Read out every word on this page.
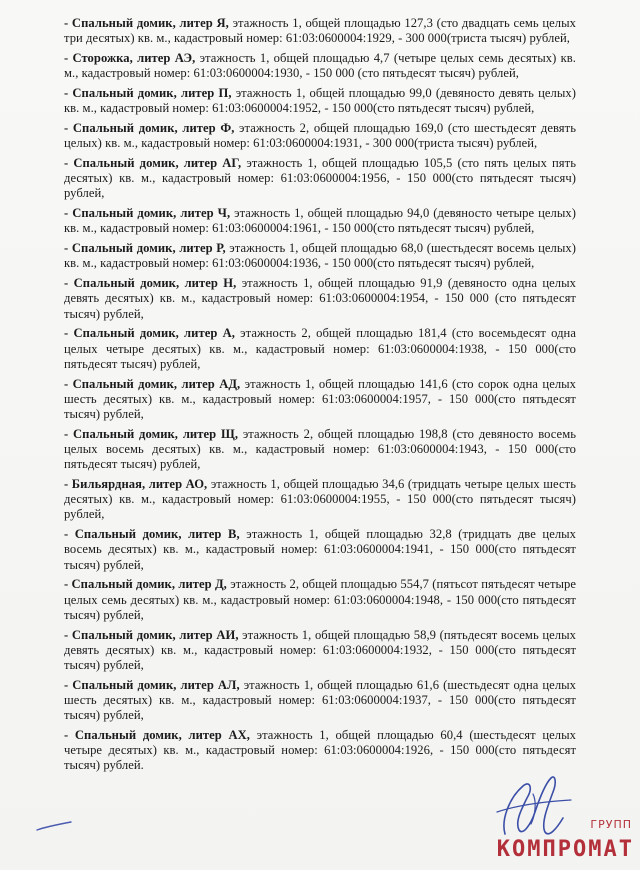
- Спальный домик, литер Я, этажность 1, общей площадью 127,3 (сто двадцать семь целых три десятых) кв. м., кадастровый номер: 61:03:0600004:1929, - 300 000(триста тысяч) рублей,

- Сторожка, литер АЭ, этажность 1, общей площадью 4,7 (четыре целых семь десятых) кв. м., кадастровый номер: 61:03:0600004:1930, - 150 000 (сто пятьдесят тысяч) рублей,

- Спальный домик, литер П, этажность 1, общей площадью 99,0 (девяносто девять целых) кв. м., кадастровый номер: 61:03:0600004:1952, - 150 000(сто пятьдесят тысяч) рублей,

- Спальный домик, литер Ф, этажность 2, общей площадью 169,0 (сто шестьдесят девять целых) кв. м., кадастровый номер: 61:03:0600004:1931, - 300 000(триста тысяч) рублей,

- Спальный домик, литер АГ, этажность 1, общей площадью 105,5 (сто пять целых пять десятых) кв. м., кадастровый номер: 61:03:0600004:1956, - 150 000(сто пятьдесят тысяч) рублей,

- Спальный домик, литер Ч, этажность 1, общей площадью 94,0 (девяносто четыре целых) кв. м., кадастровый номер: 61:03:0600004:1961, - 150 000(сто пятьдесят тысяч) рублей,

- Спальный домик, литер Р, этажность 1, общей площадью 68,0 (шестьдесят восемь целых) кв. м., кадастровый номер: 61:03:0600004:1936, - 150 000(сто пятьдесят тысяч) рублей,

- Спальный домик, литер Н, этажность 1, общей площадью 91,9 (девяносто одна целых девять десятых) кв. м., кадастровый номер: 61:03:0600004:1954, - 150 000 (сто пятьдесят тысяч) рублей,

- Спальный домик, литер А, этажность 2, общей площадью 181,4 (сто восемьдесят одна целых четыре десятых) кв. м., кадастровый номер: 61:03:0600004:1938, - 150 000(сто пятьдесят тысяч) рублей,

- Спальный домик, литер АД, этажность 1, общей площадью 141,6 (сто сорок одна целых шесть десятых) кв. м., кадастровый номер: 61:03:0600004:1957, - 150 000(сто пятьдесят тысяч) рублей,

- Спальный домик, литер Щ, этажность 2, общей площадью 198,8 (сто девяносто восемь целых восемь десятых) кв. м., кадастровый номер: 61:03:0600004:1943, - 150 000(сто пятьдесят тысяч) рублей,

- Бильярдная, литер АО, этажность 1, общей площадью 34,6 (тридцать четыре целых шесть десятых) кв. м., кадастровый номер: 61:03:0600004:1955, - 150 000(сто пятьдесят тысяч) рублей,

- Спальный домик, литер В, этажность 1, общей площадью 32,8 (тридцать две целых восемь десятых) кв. м., кадастровый номер: 61:03:0600004:1941, - 150 000(сто пятьдесят тысяч) рублей,

- Спальный домик, литер Д, этажность 2, общей площадью 554,7 (пятьсот пятьдесят четыре целых семь десятых) кв. м., кадастровый номер: 61:03:0600004:1948, - 150 000(сто пятьдесят тысяч) рублей,

- Спальный домик, литер АИ, этажность 1, общей площадью 58,9 (пятьдесят восемь целых девять десятых) кв. м., кадастровый номер: 61:03:0600004:1932, - 150 000(сто пятьдесят тысяч) рублей,

- Спальный домик, литер АЛ, этажность 1, общей площадью 61,6 (шестьдесят одна целых шесть десятых) кв. м., кадастровый номер: 61:03:0600004:1937, - 150 000(сто пятьдесят тысяч) рублей,

- Спальный домик, литер АХ, этажность 1, общей площадью 60,4 (шестьдесят целых четыре десятых) кв. м., кадастровый номер: 61:03:0600004:1926, - 150 000(сто пятьдесят тысяч) рублей.

ГРУПП
КОМПРОМАТ
